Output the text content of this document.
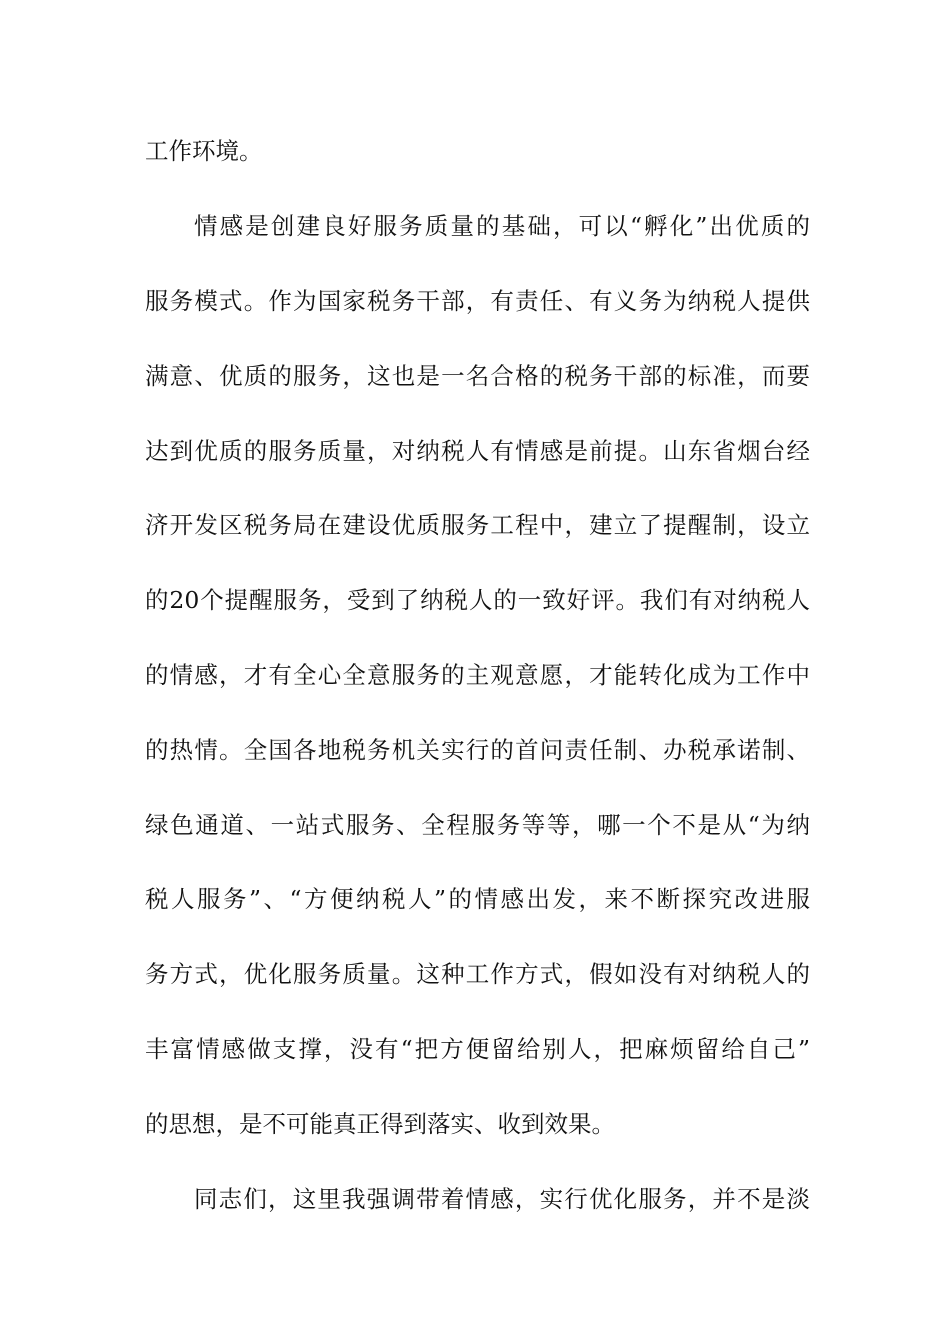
工作环境。
情感是创建良好服务质量的基础，可以“孵化”出优质的
服务模式。作为国家税务干部，有责任、有义务为纳税人提供
满意、优质的服务，这也是一名合格的税务干部的标准，而要
达到优质的服务质量，对纳税人有情感是前提。山东省烟台经
济开发区税务局在建设优质服务工程中，建立了提醒制，设立
的20个提醒服务，受到了纳税人的一致好评。我们有对纳税人
的情感，才有全心全意服务的主观意愿，才能转化成为工作中
的热情。全国各地税务机关实行的首问责任制、办税承诺制、
绿色通道、一站式服务、全程服务等等，哪一个不是从“为纳
税人服务”、“方便纳税人”的情感出发，来不断探究改进服
务方式，优化服务质量。这种工作方式，假如没有对纳税人的
丰富情感做支撑，没有“把方便留给别人，把麻烦留给自己”
的思想，是不可能真正得到落实、收到效果。
同志们，这里我强调带着情感，实行优化服务，并不是淡
